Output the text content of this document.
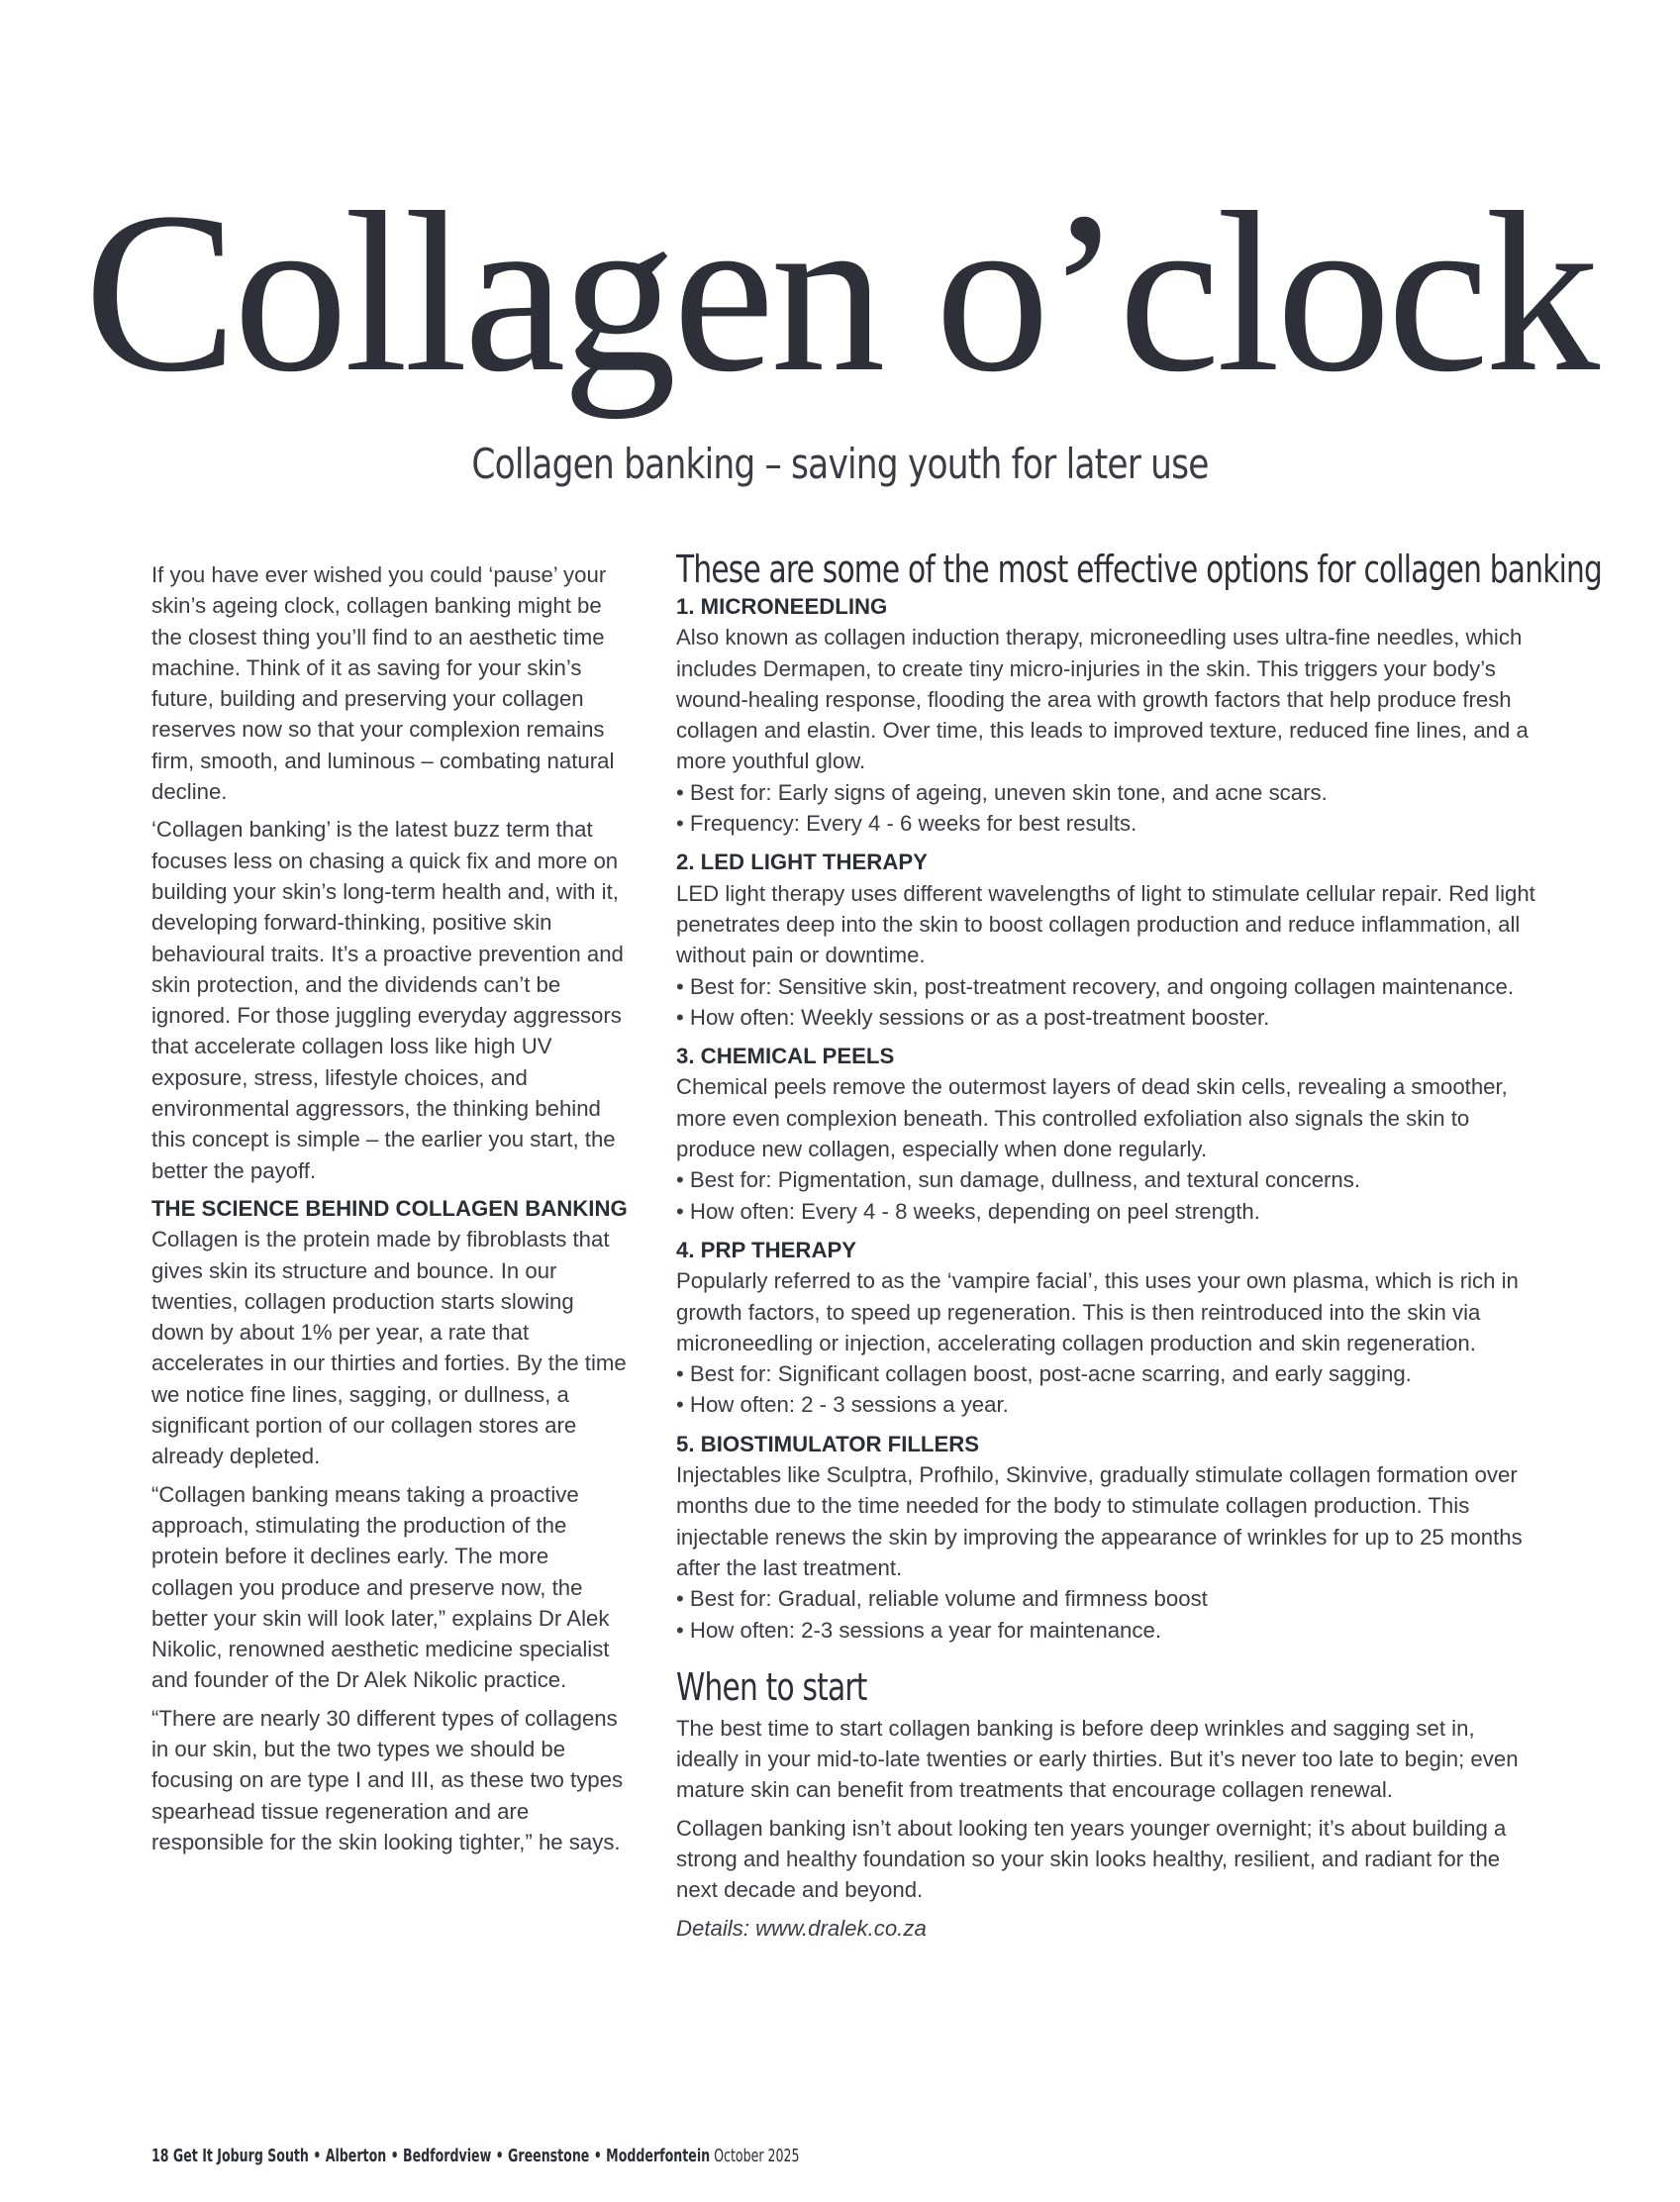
Collagen o’clock
Collagen banking – saving youth for later use

If you have ever wished you could ‘pause’ your skin’s ageing clock, collagen banking might be the closest thing you’ll find to an aesthetic time machine. Think of it as saving for your skin’s future, building and preserving your collagen reserves now so that your complexion remains firm, smooth, and luminous – combating natural decline.

‘Collagen banking’ is the latest buzz term that focuses less on chasing a quick fix and more on building your skin’s long-term health and, with it, developing forward-thinking, positive skin behavioural traits. It’s a proactive prevention and skin protection, and the dividends can’t be ignored. For those juggling everyday aggressors that accelerate collagen loss like high UV exposure, stress, lifestyle choices, and environmental aggressors, the thinking behind this concept is simple – the earlier you start, the better the payoff.

THE SCIENCE BEHIND COLLAGEN BANKING

Collagen is the protein made by fibroblasts that gives skin its structure and bounce. In our twenties, collagen production starts slowing down by about 1% per year, a rate that accelerates in our thirties and forties. By the time we notice fine lines, sagging, or dullness, a significant portion of our collagen stores are already depleted.

“Collagen banking means taking a proactive approach, stimulating the production of the protein before it declines early. The more collagen you produce and preserve now, the better your skin will look later,” explains Dr Alek Nikolic, renowned aesthetic medicine specialist and founder of the Dr Alek Nikolic practice.

“There are nearly 30 different types of collagens in our skin, but the two types we should be focusing on are type I and III, as these two types spearhead tissue regeneration and are responsible for the skin looking tighter,” he says.

These are some of the most effective options for collagen banking
1. MICRONEEDLING
Also known as collagen induction therapy, microneedling uses ultra-fine needles, which includes Dermapen, to create tiny micro-injuries in the skin. This triggers your body’s wound-healing response, flooding the area with growth factors that help produce fresh collagen and elastin. Over time, this leads to improved texture, reduced fine lines, and a more youthful glow.
• Best for: Early signs of ageing, uneven skin tone, and acne scars.
• Frequency: Every 4 - 6 weeks for best results.
2. LED LIGHT THERAPY
LED light therapy uses different wavelengths of light to stimulate cellular repair. Red light penetrates deep into the skin to boost collagen production and reduce inflammation, all without pain or downtime.
• Best for: Sensitive skin, post-treatment recovery, and ongoing collagen maintenance.
• How often: Weekly sessions or as a post-treatment booster.
3. CHEMICAL PEELS
Chemical peels remove the outermost layers of dead skin cells, revealing a smoother, more even complexion beneath. This controlled exfoliation also signals the skin to produce new collagen, especially when done regularly.
• Best for: Pigmentation, sun damage, dullness, and textural concerns.
• How often: Every 4 - 8 weeks, depending on peel strength.
4. PRP THERAPY
Popularly referred to as the ‘vampire facial’, this uses your own plasma, which is rich in growth factors, to speed up regeneration. This is then reintroduced into the skin via microneedling or injection, accelerating collagen production and skin regeneration.
• Best for: Significant collagen boost, post-acne scarring, and early sagging.
• How often: 2 - 3 sessions a year.
5. BIOSTIMULATOR FILLERS
Injectables like Sculptra, Profhilo, Skinvive, gradually stimulate collagen formation over months due to the time needed for the body to stimulate collagen production. This injectable renews the skin by improving the appearance of wrinkles for up to 25 months after the last treatment.
• Best for: Gradual, reliable volume and firmness boost
• How often: 2-3 sessions a year for maintenance.
When to start

The best time to start collagen banking is before deep wrinkles and sagging set in, ideally in your mid-to-late twenties or early thirties. But it’s never too late to begin; even mature skin can benefit from treatments that encourage collagen renewal.

Collagen banking isn’t about looking ten years younger overnight; it’s about building a strong and healthy foundation so your skin looks healthy, resilient, and radiant for the next decade and beyond.

Details: www.dralek.co.za
18 Get It Joburg South • Alberton • Bedfordview • Greenstone • Modderfontein October 2025
